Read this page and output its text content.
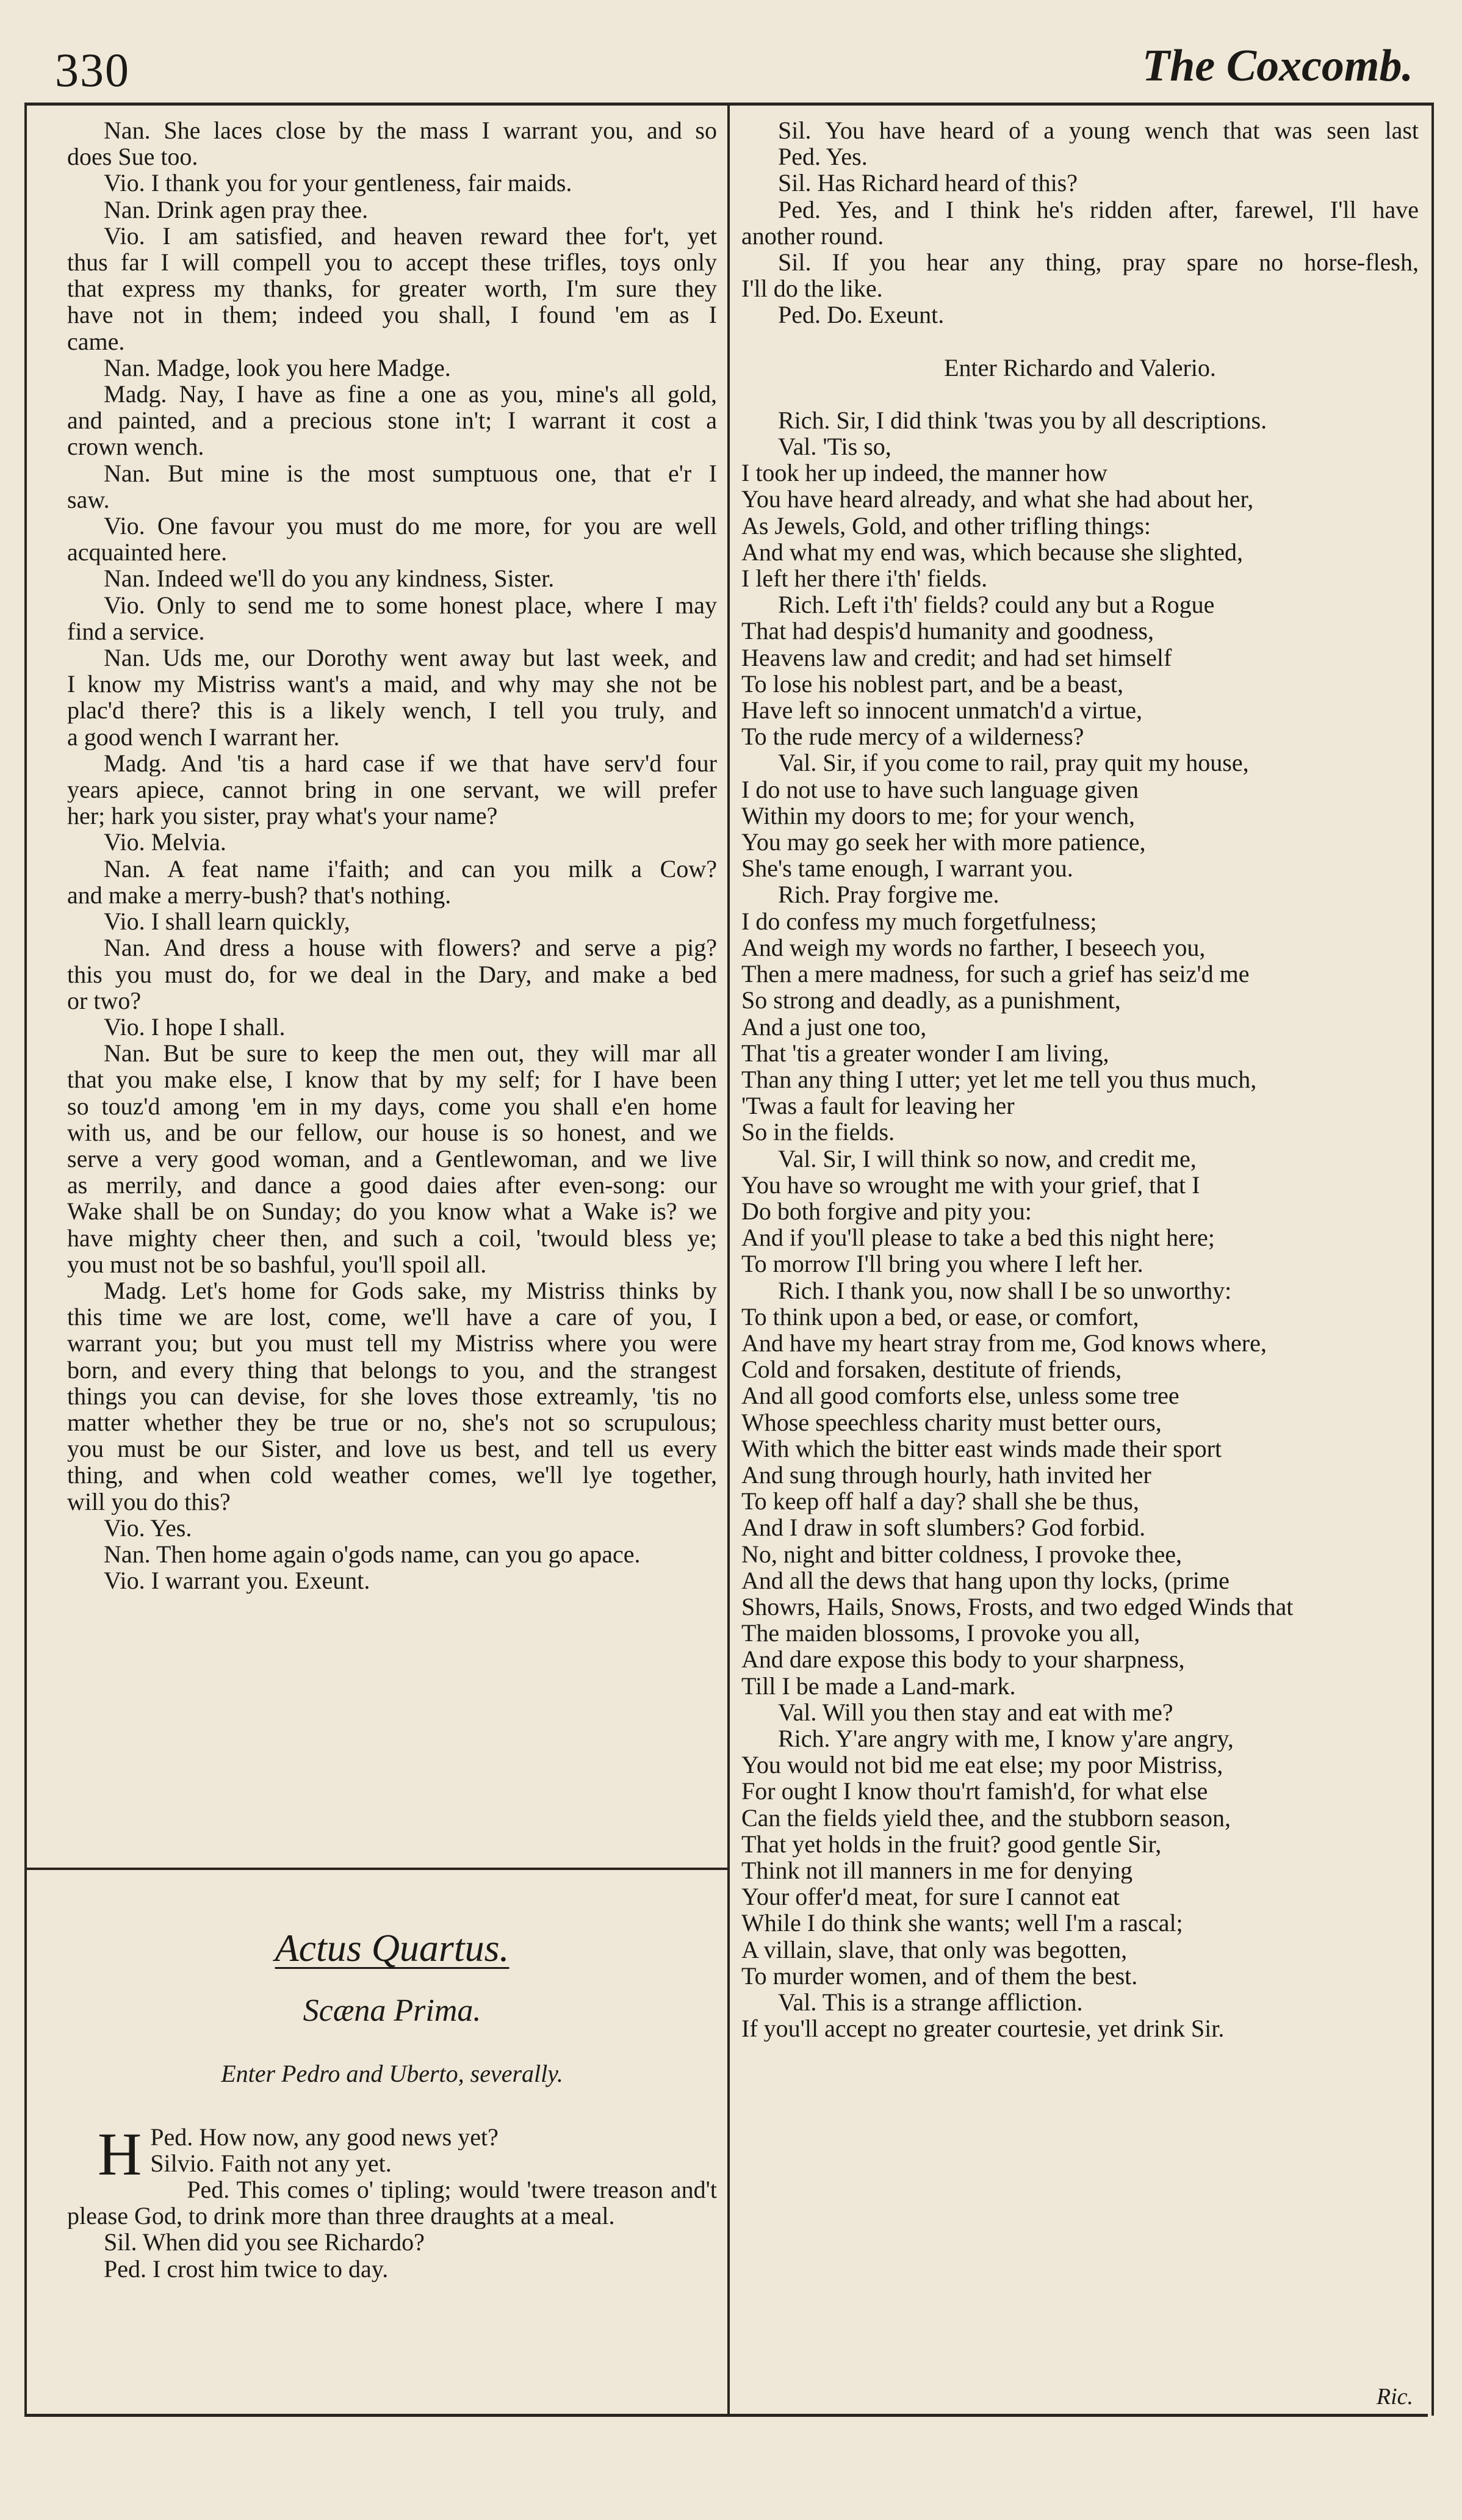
330	The Coxcomb.
Nan. She laces close by the mass I warrant you, and so
does Sue too.
Vio. I thank you for your gentleness, fair maids.
Nan. Drink agen pray thee.
Vio. I am satisfied, and heaven reward thee for't, yet
thus far I will compell you to accept these trifles, toys only
that express my thanks, for greater worth, I'm sure they
have not in them; indeed you shall, I found 'em as I
came.
Nan. Madge, look you here Madge.
Madg. Nay, I have as fine a one as you, mine's all gold,
and painted, and a precious stone in't; I warrant it cost a
crown wench.
Nan. But mine is the most sumptuous one, that e'r I
saw.
Vio. One favour you must do me more, for you are well
acquainted here.
Nan. Indeed we'll do you any kindness, Sister.
Vio. Only to send me to some honest place, where I may
find a service.
Nan. Uds me, our Dorothy went away but last week, and
I know my Mistriss want's a maid, and why may she not be
plac'd there? this is a likely wench, I tell you truly, and
a good wench I warrant her.
Madg. And 'tis a hard case if we that have serv'd four
years apiece, cannot bring in one servant, we will prefer
her; hark you sister, pray what's your name?
Vio. Melvia.
Nan. A feat name i'faith; and can you milk a Cow?
and make a merry-bush? that's nothing.
Vio. I shall learn quickly,
Nan. And dress a house with flowers? and serve a pig?
this you must do, for we deal in the Dary, and make a bed
or two?
Vio. I hope I shall.
Nan. But be sure to keep the men out, they will mar all
that you make else, I know that by my self; for I have been
so touz'd among 'em in my days, come you shall e'en home
with us, and be our fellow, our house is so honest, and we
serve a very good woman, and a Gentlewoman, and we live
as merrily, and dance a good daies after even-song: our
Wake shall be on Sunday; do you know what a Wake is? we
have mighty cheer then, and such a coil, 'twould bless ye;
you must not be so bashful, you'll spoil all.
Madg. Let's home for Gods sake, my Mistriss thinks by
this time we are lost, come, we'll have a care of you, I
warrant you; but you must tell my Mistriss where you were
born, and every thing that belongs to you, and the strangest
things you can devise, for she loves those extreamly, 'tis no
matter whether they be true or no, she's not so scrupulous;
you must be our Sister, and love us best, and tell us every
thing, and when cold weather comes, we'll lye together,
will you do this?
Vio. Yes.
Nan. Then home again o'gods name, can you go apace.
Vio. I warrant you. Exeunt.
Actus Quartus.
Scæna Prima.
Enter Pedro and Uberto, severally.
H Ped. How now, any good news yet?
Silvio. Faith not any yet.
Ped. This comes o' tipling; would 'twere treason and't
please God, to drink more than three draughts at a meal.
Sil. When did you see Richardo?
Ped. I crost him twice to day.
Sil. You have heard of a young wench that was seen last
Ped. Yes.
Sil. Has Richard heard of this?
Ped. Yes, and I think he's ridden after, farewel, I'll have
another round.
Sil. If you hear any thing, pray spare no horse-flesh,
I'll do the like.
Ped. Do. Exeunt.
Enter Richardo and Valerio.
Rich. Sir, I did think 'twas you by all descriptions.
Val. 'Tis so,
I took her up indeed, the manner how
You have heard already, and what she had about her,
As Jewels, Gold, and other trifling things:
And what my end was, which because she slighted,
I left her there i'th' fields.
Rich. Left i'th' fields? could any but a Rogue
That had despis'd humanity and goodness,
Heavens law and credit; and had set himself
To lose his noblest part, and be a beast,
Have left so innocent unmatch'd a virtue,
To the rude mercy of a wilderness?
Val. Sir, if you come to rail, pray quit my house,
I do not use to have such language given
Within my doors to me; for your wench,
You may go seek her with more patience,
She's tame enough, I warrant you.
Rich. Pray forgive me.
I do confess my much forgetfulness;
And weigh my words no farther, I beseech you,
Then a mere madness, for such a grief has seiz'd me
So strong and deadly, as a punishment,
And a just one too,
That 'tis a greater wonder I am living,
Than any thing I utter; yet let me tell you thus much,
'Twas a fault for leaving her
So in the fields.
Val. Sir, I will think so now, and credit me,
You have so wrought me with your grief, that I
Do both forgive and pity you:
And if you'll please to take a bed this night here;
To morrow I'll bring you where I left her.
Rich. I thank you, now shall I be so unworthy:
To think upon a bed, or ease, or comfort,
And have my heart stray from me, God knows where,
Cold and forsaken, destitute of friends,
And all good comforts else, unless some tree
Whose speechless charity must better ours,
With which the bitter east winds made their sport
And sung through hourly, hath invited her
To keep off half a day? shall she be thus,
And I draw in soft slumbers? God forbid.
No, night and bitter coldness, I provoke thee,
And all the dews that hang upon thy locks, (prime
Showrs, Hails, Snows, Frosts, and two edged Winds that
The maiden blossoms, I provoke you all,
And dare expose this body to your sharpness,
Till I be made a Land-mark.
Val. Will you then stay and eat with me?
Rich. Y'are angry with me, I know y'are angry,
You would not bid me eat else; my poor Mistriss,
For ought I know thou'rt famish'd, for what else
Can the fields yield thee, and the stubborn season,
That yet holds in the fruit? good gentle Sir,
Think not ill manners in me for denying
Your offer'd meat, for sure I cannot eat
While I do think she wants; well I'm a rascal;
A villain, slave, that only was begotten,
To murder women, and of them the best.
Val. This is a strange affliction.
If you'll accept no greater courtesie, yet drink Sir.
Ric.
